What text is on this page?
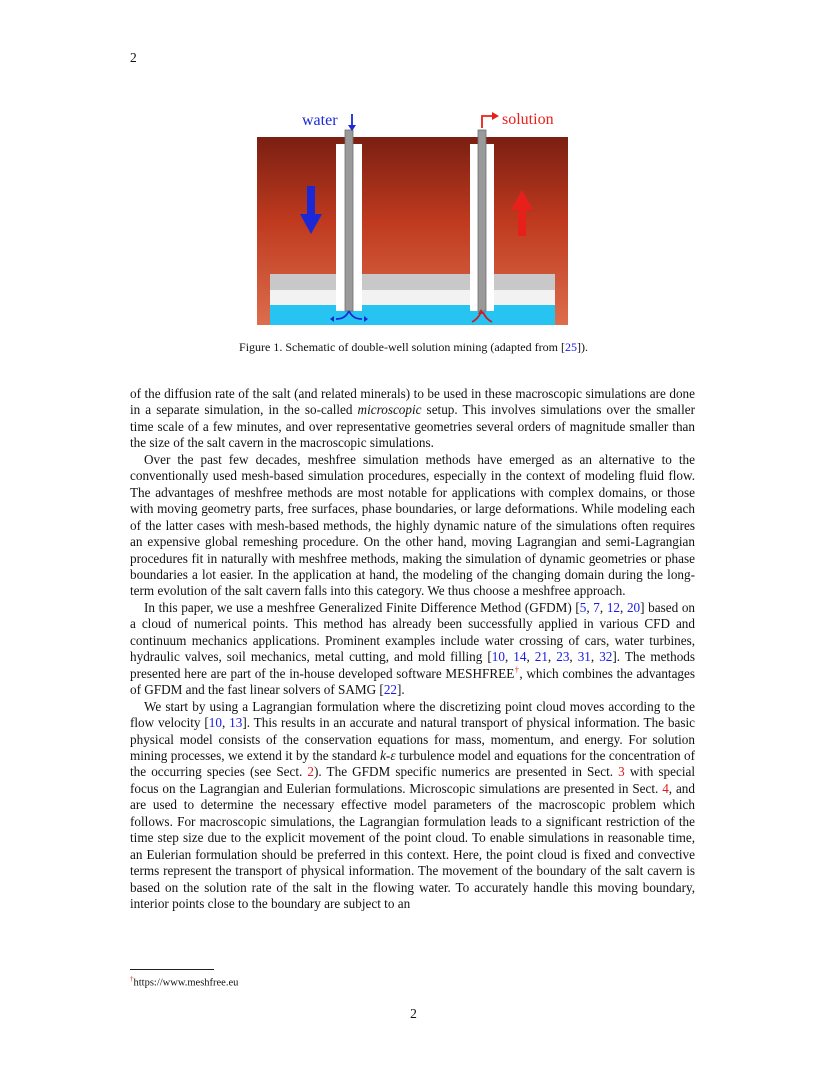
2
water	solution
Figure 1. Schematic of double-well solution mining (adapted from [25]).

of the diffusion rate of the salt (and related minerals) to be used in these macroscopic simulations are done in a separate simulation, in the so-called microscopic setup. This involves simulations over the smaller time scale of a few minutes, and over representative geometries several orders of magnitude smaller than the size of the salt cavern in the macroscopic simulations.

Over the past few decades, meshfree simulation methods have emerged as an alternative to the conventionally used mesh-based simulation procedures, especially in the context of modeling fluid flow. The advantages of meshfree methods are most notable for applications with complex domains, or those with moving geometry parts, free surfaces, phase boundaries, or large deformations. While modeling each of the latter cases with mesh-based methods, the highly dynamic nature of the simulations often requires an expensive global remeshing procedure. On the other hand, moving Lagrangian and semi-Lagrangian procedures fit in naturally with meshfree methods, making the simulation of dynamic geometries or phase boundaries a lot easier. In the application at hand, the modeling of the changing domain during the long-term evolution of the salt cavern falls into this category. We thus choose a meshfree approach.

In this paper, we use a meshfree Generalized Finite Difference Method (GFDM) [5, 7, 12, 20] based on a cloud of numerical points. This method has already been successfully applied in various CFD and continuum mechanics applications. Prominent examples include water crossing of cars, water turbines, hydraulic valves, soil mechanics, metal cutting, and mold filling [10, 14, 21, 23, 31, 32]. The methods presented here are part of the in-house developed software MESHFREE†, which combines the advantages of GFDM and the fast linear solvers of SAMG [22].

We start by using a Lagrangian formulation where the discretizing point cloud moves according to the flow velocity [10, 13]. This results in an accurate and natural transport of physical information. The basic physical model consists of the conservation equations for mass, momentum, and energy. For solution mining processes, we extend it by the standard k-ε turbulence model and equations for the concentration of the occurring species (see Sect. 2). The GFDM specific numerics are presented in Sect. 3 with special focus on the Lagrangian and Eulerian formulations. Microscopic simulations are presented in Sect. 4, and are used to determine the necessary effective model parameters of the macroscopic problem which follows. For macroscopic simulations, the Lagrangian formulation leads to a significant restriction of the time step size due to the explicit movement of the point cloud. To enable simulations in reasonable time, an Eulerian formulation should be preferred in this context. Here, the point cloud is fixed and convective terms represent the transport of physical information. The movement of the boundary of the salt cavern is based on the solution rate of the salt in the flowing water. To accurately handle this moving boundary, interior points close to the boundary are subject to an

†https://www.meshfree.eu
2
